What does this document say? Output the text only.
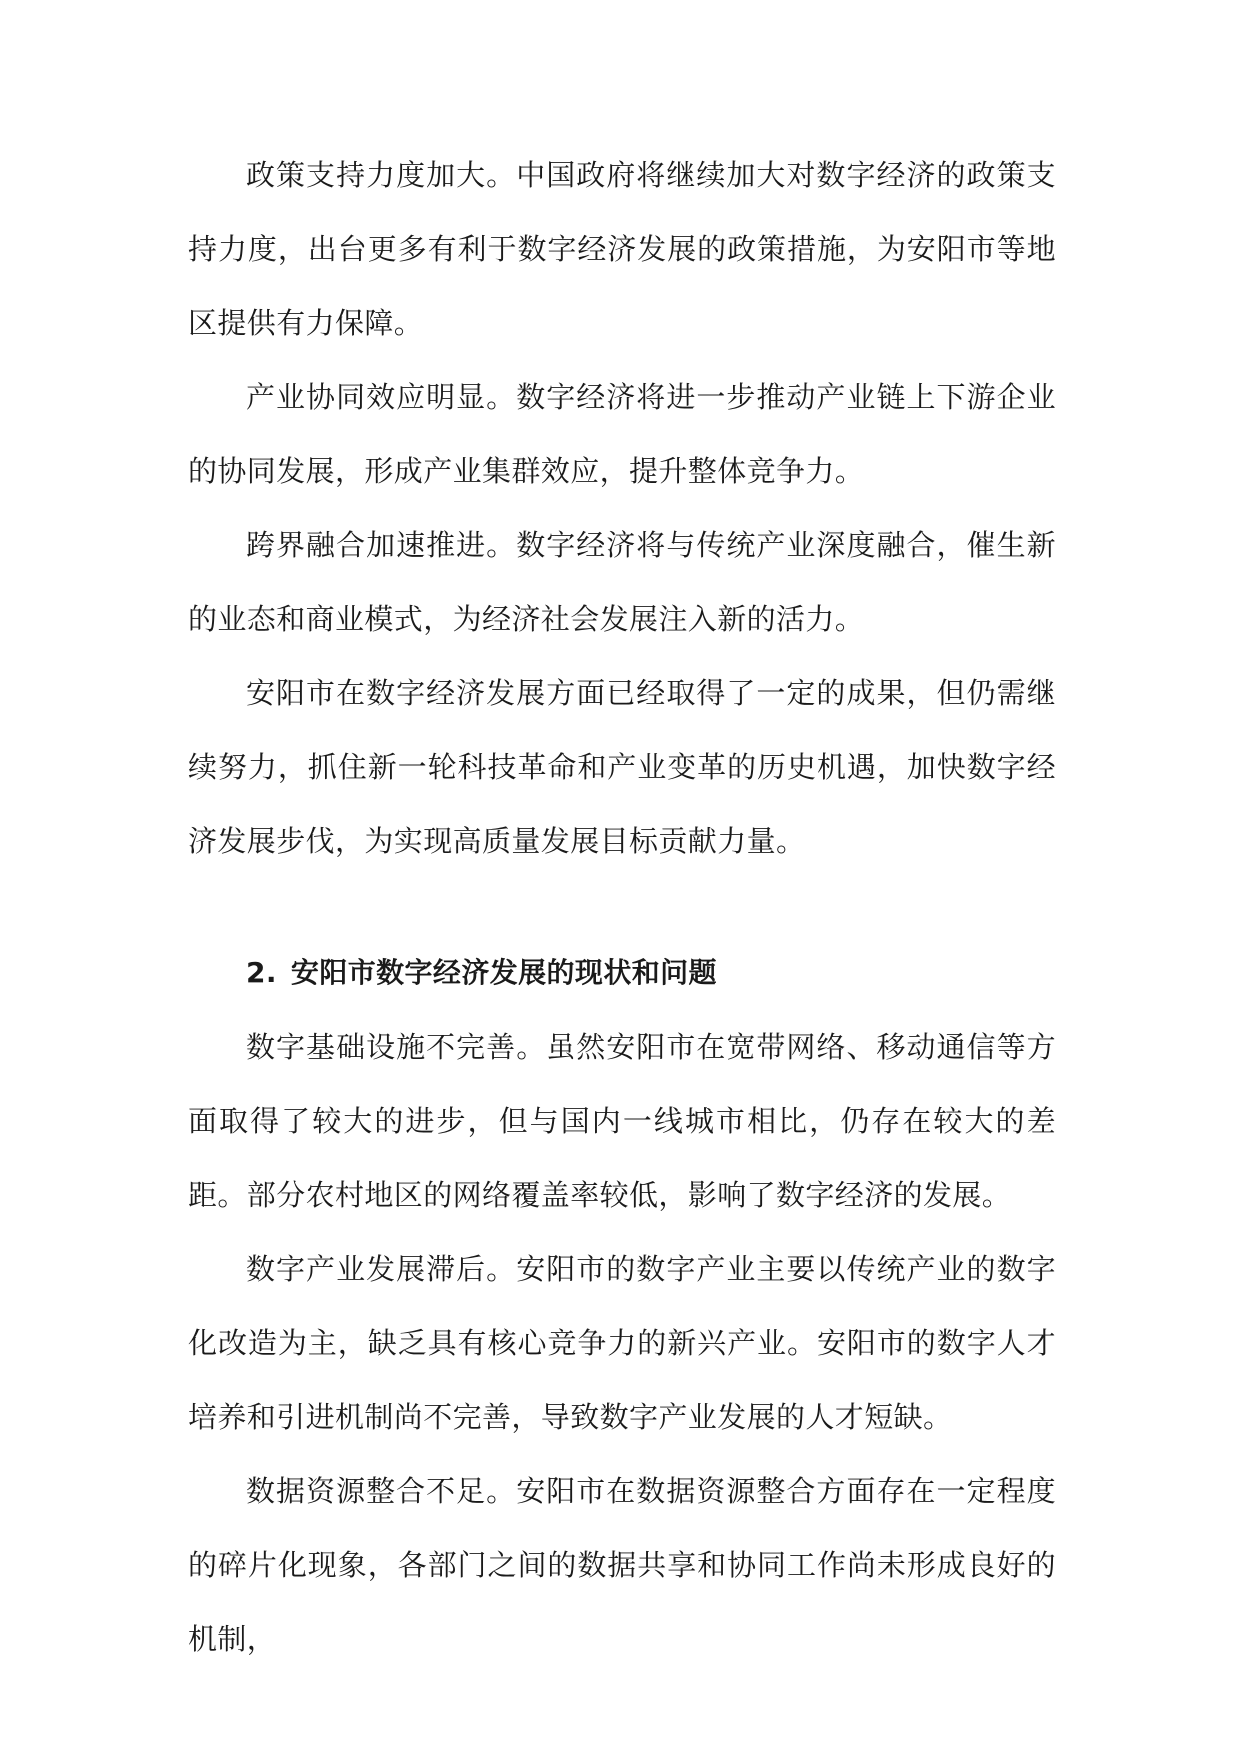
政策支持力度加大。中国政府将继续加大对数字经济的政策支持力度，出台更多有利于数字经济发展的政策措施，为安阳市等地区提供有力保障。

产业协同效应明显。数字经济将进一步推动产业链上下游企业的协同发展，形成产业集群效应，提升整体竞争力。

跨界融合加速推进。数字经济将与传统产业深度融合，催生新的业态和商业模式，为经济社会发展注入新的活力。

安阳市在数字经济发展方面已经取得了一定的成果，但仍需继续努力，抓住新一轮科技革命和产业变革的历史机遇，加快数字经济发展步伐，为实现高质量发展目标贡献力量。

2. 安阳市数字经济发展的现状和问题

数字基础设施不完善。虽然安阳市在宽带网络、移动通信等方面取得了较大的进步，但与国内一线城市相比，仍存在较大的差距。部分农村地区的网络覆盖率较低，影响了数字经济的发展。

数字产业发展滞后。安阳市的数字产业主要以传统产业的数字化改造为主，缺乏具有核心竞争力的新兴产业。安阳市的数字人才培养和引进机制尚不完善，导致数字产业发展的人才短缺。

数据资源整合不足。安阳市在数据资源整合方面存在一定程度的碎片化现象，各部门之间的数据共享和协同工作尚未形成良好的机制，
